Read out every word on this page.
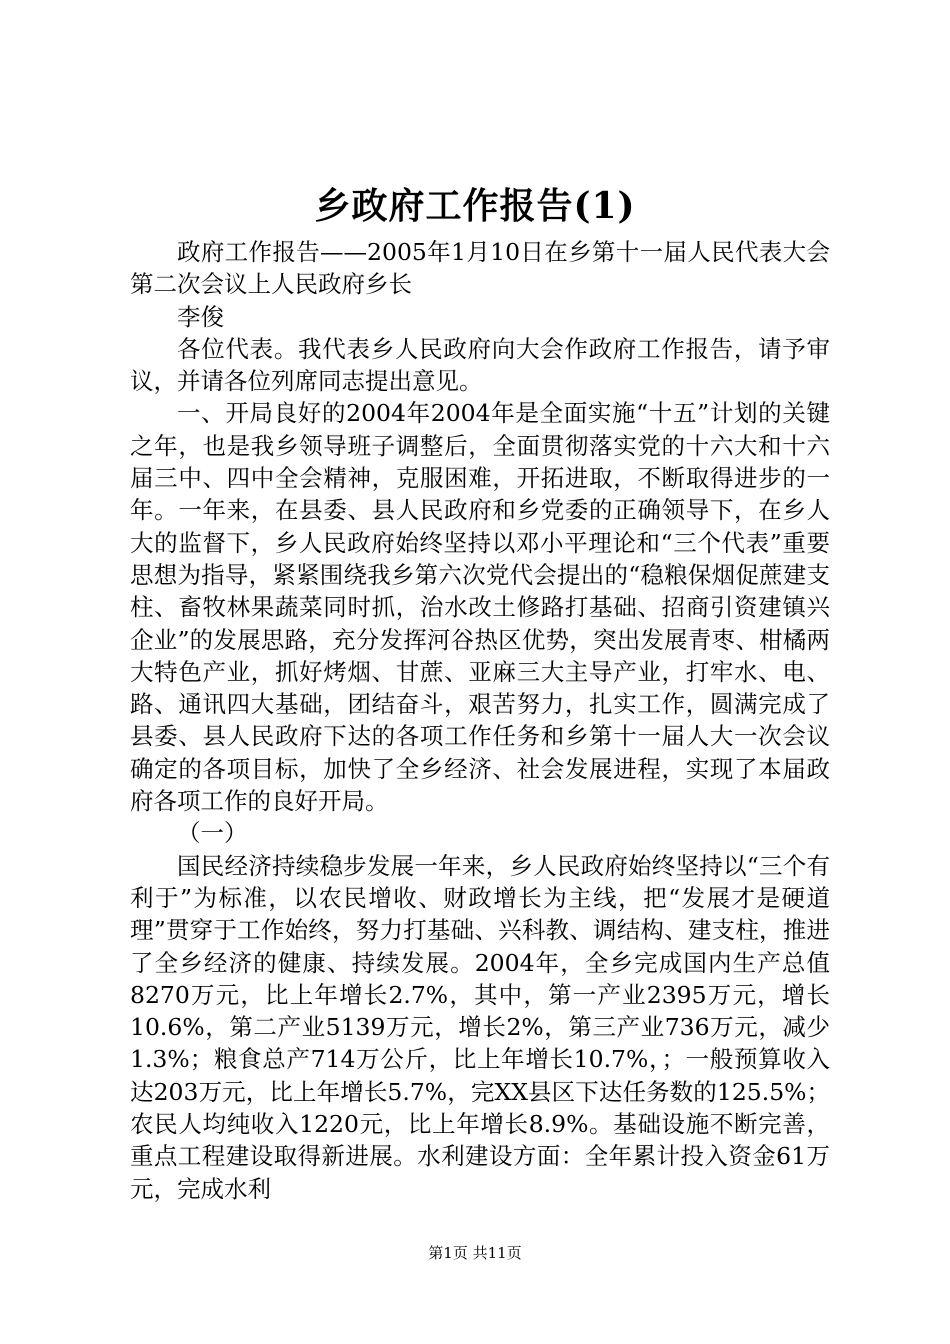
乡政府工作报告(1)

政府工作报告——2005年1月10日在乡第十一届人民代表大会第二次会议上人民政府乡长

李俊

各位代表。我代表乡人民政府向大会作政府工作报告，请予审议，并请各位列席同志提出意见。

一、开局良好的2004年2004年是全面实施“十五”计划的关键之年，也是我乡领导班子调整后，全面贯彻落实党的十六大和十六届三中、四中全会精神，克服困难，开拓进取，不断取得进步的一年。一年来，在县委、县人民政府和乡党委的正确领导下，在乡人大的监督下，乡人民政府始终坚持以邓小平理论和“三个代表”重要思想为指导，紧紧围绕我乡第六次党代会提出的“稳粮保烟促蔗建支柱、畜牧林果蔬菜同时抓，治水改土修路打基础、招商引资建镇兴企业”的发展思路，充分发挥河谷热区优势，突出发展青枣、柑橘两大特色产业，抓好烤烟、甘蔗、亚麻三大主导产业，打牢水、电、路、通讯四大基础，团结奋斗，艰苦努力，扎实工作，圆满完成了县委、县人民政府下达的各项工作任务和乡第十一届人大一次会议确定的各项目标，加快了全乡经济、社会发展进程，实现了本届政府各项工作的良好开局。

（一）

国民经济持续稳步发展一年来，乡人民政府始终坚持以“三个有利于”为标准，以农民增收、财政增长为主线，把“发展才是硬道理”贯穿于工作始终，努力打基础、兴科教、调结构、建支柱，推进了全乡经济的健康、持续发展。2004年，全乡完成国内生产总值8270万元，比上年增长2.7%，其中，第一产业2395万元，增长10.6%，第二产业5139万元，增长2%，第三产业736万元，减少1.3%；粮食总产714万公斤，比上年增长10.7%，；一般预算收入达203万元，比上年增长5.7%，完XX县区下达任务数的125.5%；农民人均纯收入1220元，比上年增长8.9%。基础设施不断完善，重点工程建设取得新进展。水利建设方面：全年累计投入资金61万元，完成水利

第1页 共11页
